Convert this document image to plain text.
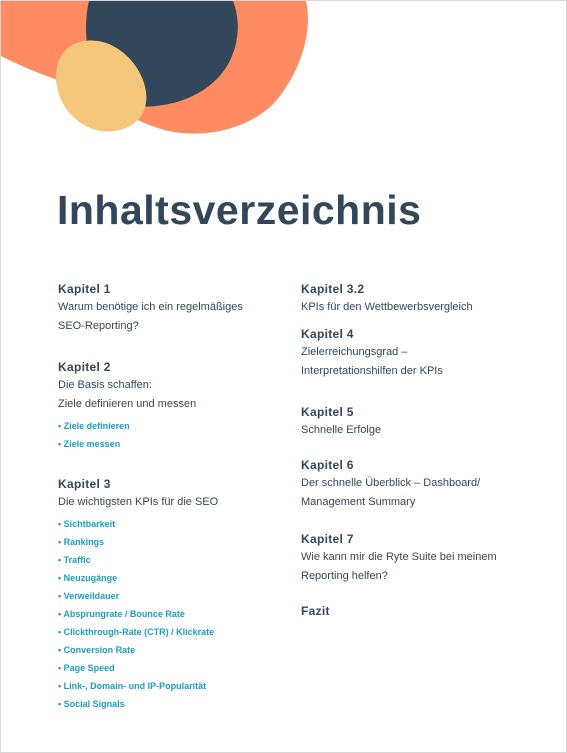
Inhaltsverzeichnis
Kapitel 1
Warum benötige ich ein regelmäßiges
SEO-Reporting?
Kapitel 2
Die Basis schaffen:
Ziele definieren und messen
• Ziele definieren
• Ziele messen
Kapitel 3
Die wichtigsten KPIs für die SEO
• Sichtbarkeit
• Rankings
• Traffic
• Neuzugänge
• Verweildauer
• Absprungrate / Bounce Rate
• Clickthrough-Rate (CTR) / Klickrate
• Conversion Rate
• Page Speed
• Link-, Domain- und IP-Popularität
• Social Signals
Kapitel 3.2
KPIs für den Wettbewerbsvergleich
Kapitel 4
Zielerreichungsgrad –
Interpretationshilfen der KPIs
Kapitel 5
Schnelle Erfolge
Kapitel 6
Der schnelle Überblick – Dashboard/
Management Summary
Kapitel 7
Wie kann mir die Ryte Suite bei meinem
Reporting helfen?
Fazit
